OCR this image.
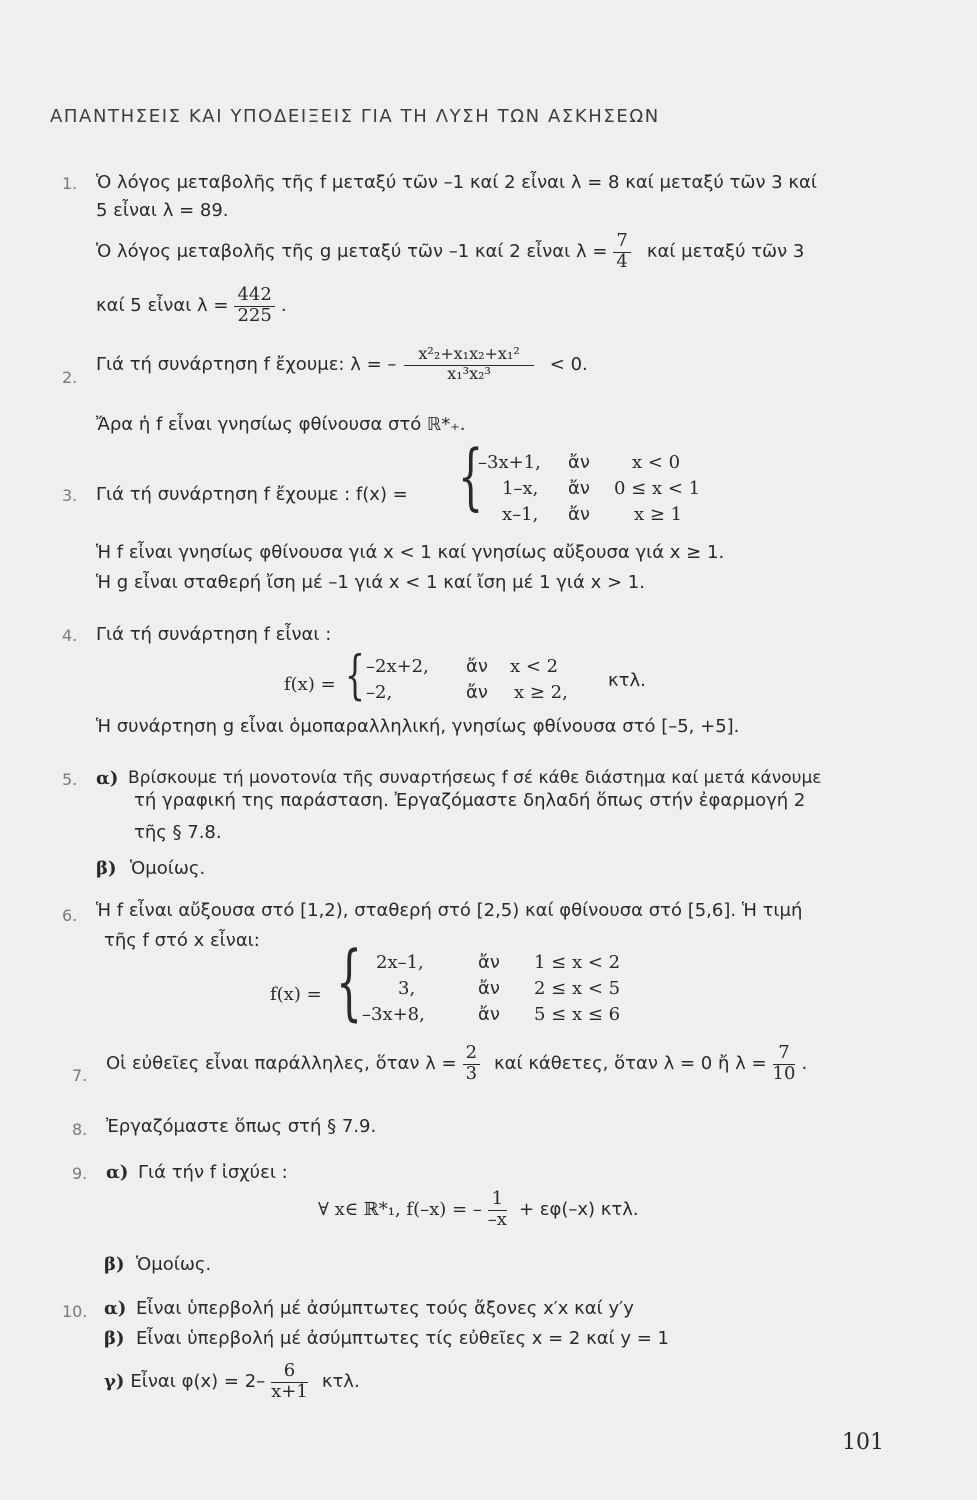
ΑΠΑΝΤΗΣΕΙΣ ΚΑΙ ΥΠΟΔΕΙΞΕΙΣ ΓΙΑ ΤΗ ΛΥΣΗ ΤΩΝ ΑΣΚΗΣΕΩΝ
1. Ὁ λόγος μεταβολῆς τῆς f μεταξύ τῶν –1 καί 2 εἶναι λ = 8 καί μεταξύ τῶν 3 καί
5 εἶναι λ = 89.
Ὁ λόγος μεταβολῆς τῆς g μεταξύ τῶν –1 καί 2 εἶναι $\lambda = \frac{7}{4}$ καί μεταξύ τῶν 3
καί 5 εἶναι $\lambda = \frac{442}{225}$ .
2.
Γιά τή συνάρτηση f ἔχουμε: λ = – $\frac{\text{x²₂+x₁x₂+x₁²}}{\text{x₁³x₂³}} < 0$.
Ἄρα ἡ f εἶναι γνησίως φθίνουσα στό ℝ*₊.
3. Γιά τή συνάρτηση f ἔχουμε : f(x) = {
–3x+1, ἄν x < 0
1–x, ἄν 0 ≤ x < 1
x–1, ἄν x ≥ 1
Ἡ f εἶναι γνησίως φθίνουσα γιά x < 1 καί γνησίως αὔξουσα γιά x ≥ 1.
Ἡ g εἶναι σταθερή ἴση μέ –1 γιά x < 1 καί ἴση μέ 1 γιά x > 1.
4. Γιά τή συνάρτηση f εἶναι :
f(x) = { –2x+2, ἄν x < 2
–2,	ἄν x ≥ 2,
κτλ.
Ἡ συνάρτηση g εἶναι ὁμοπαραλληλική, γνησίως φθίνουσα στό [–5, +5].
5. α) Βρίσκουμε τή μονοτονία τῆς συναρτήσεως f σέ κάθε διάστημα καί μετά κάνουμε
τή γραφική της παράσταση. Ἐργαζόμαστε δηλαδή ὅπως στήν ἐφαρμογή 2
τῆς § 7.8.
β) Ὁμοίως.
6. Ἡ f εἶναι αὔξουσα στό [1,2), σταθερή στό [2,5) καί φθίνουσα στό [5,6]. Ἡ τιμή
τῆς f στό x εἶναι:
f(x) = { 2x–1,	ἄν 1 ≤ x < 2
3,	ἄν 2 ≤ x < 5
–3x+8,	ἄν 5 ≤ x ≤ 6
7.
Οἱ εὐθεῖες εἶναι παράλληλες, ὅταν $\lambda = \frac{2}{3}$ καί κάθετες, ὅταν λ = 0 ἤ $\lambda = \frac{7}{10}$ .
8. Ἐργαζόμαστε ὅπως στή § 7.9.
9. α) Γιά τήν f ἰσχύει :
∀ x∈ ℝ*₁, f(–x) = – $\frac{1}{-x} + \varepsilon\varphi(-x)$ κτλ.
β) Ὁμοίως.
10. α) Εἶναι ὑπερβολή μέ ἀσύμπτωτες τούς ἄξονες x′x καί y′y
β) Εἶναι ὑπερβολή μέ ἀσύμπτωτες τίς εὐθεῖες x = 2 καί y = 1
γ) Εἶναι $\varphi(x) = 2- \frac{6}{x+1} \kappa\tau\lambda$.
101
